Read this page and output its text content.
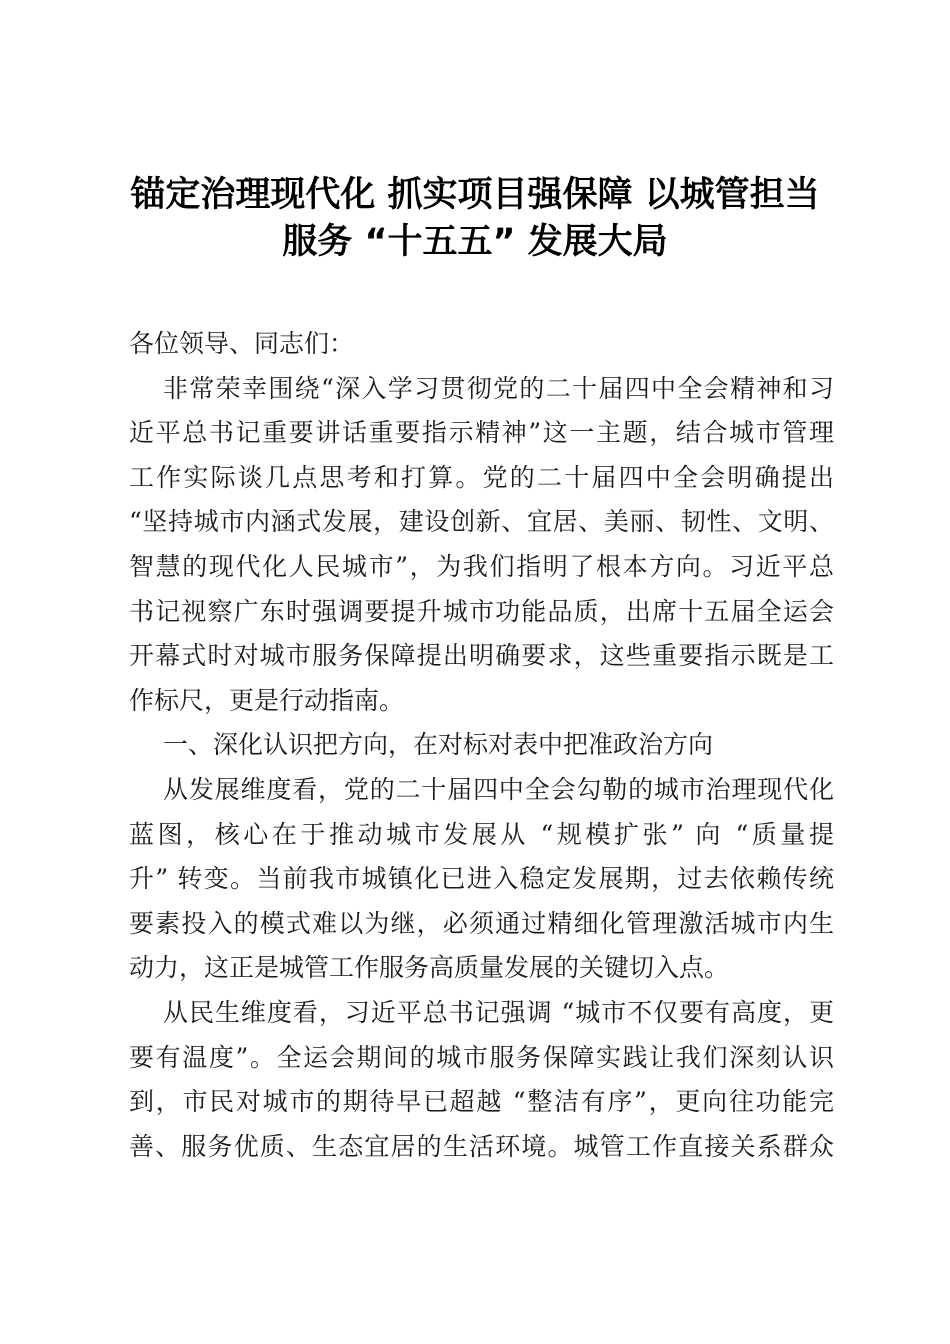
锚定治理现代化 抓实项目强保障 以城管担当
服务 “十五五” 发展大局
各位领导、同志们：
非常荣幸围绕“深入学习贯彻党的二十届四中全会精神和习
近平总书记重要讲话重要指示精神”这一主题，结合城市管理
工作实际谈几点思考和打算。党的二十届四中全会明确提出
“坚持城市内涵式发展，建设创新、宜居、美丽、韧性、文明、
智慧的现代化人民城市”，为我们指明了根本方向。习近平总
书记视察广东时强调要提升城市功能品质，出席十五届全运会
开幕式时对城市服务保障提出明确要求，这些重要指示既是工
作标尺，更是行动指南。
一、深化认识把方向，在对标对表中把准政治方向
从发展维度看，党的二十届四中全会勾勒的城市治理现代化
蓝图，核心在于推动城市发展从 “规模扩张” 向 “质量提
升” 转变。当前我市城镇化已进入稳定发展期，过去依赖传统
要素投入的模式难以为继，必须通过精细化管理激活城市内生
动力，这正是城管工作服务高质量发展的关键切入点。
从民生维度看，习近平总书记强调 “城市不仅要有高度，更
要有温度”。全运会期间的城市服务保障实践让我们深刻认识
到，市民对城市的期待早已超越 “整洁有序”，更向往功能完
善、服务优质、生态宜居的生活环境。城管工作直接关系群众
